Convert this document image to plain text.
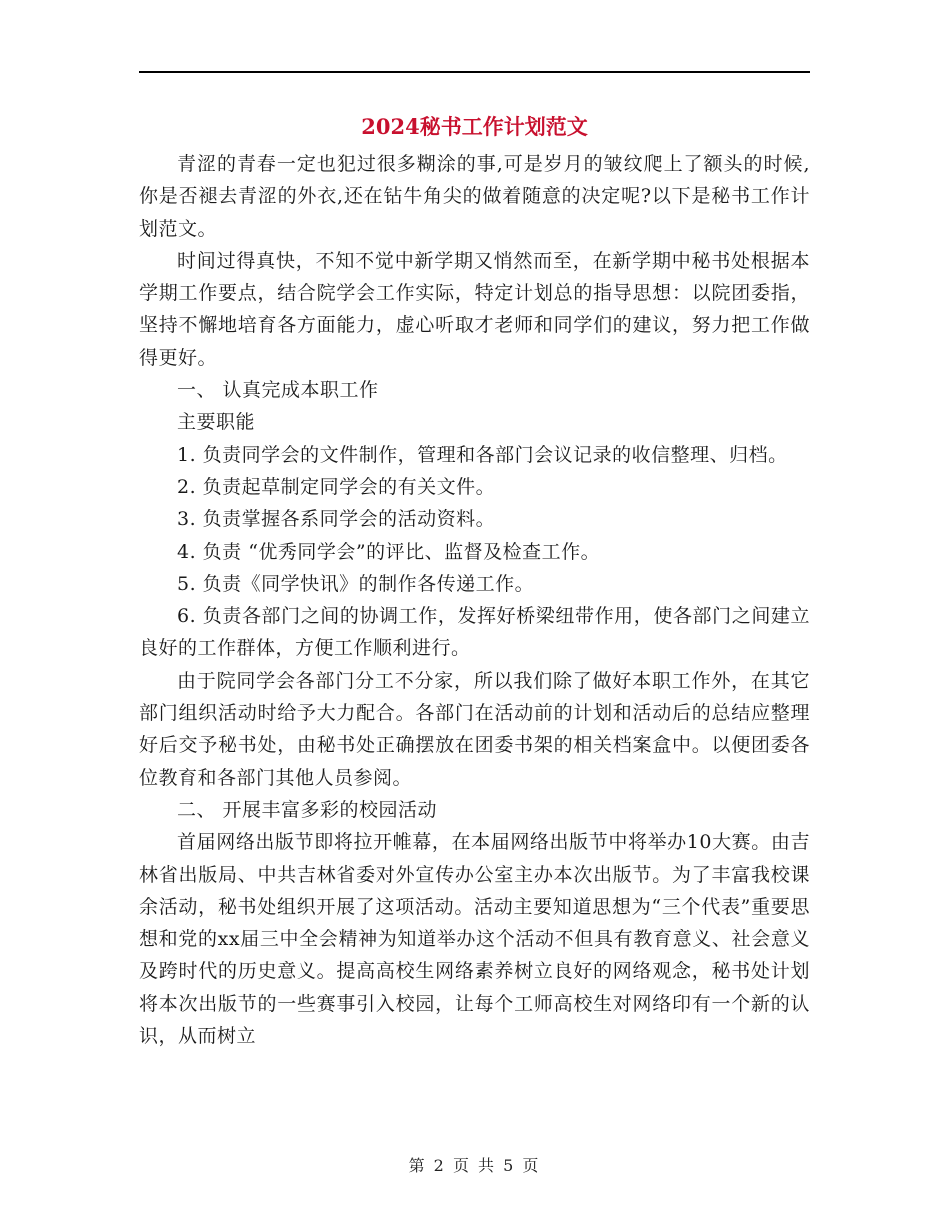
2024秘书工作计划范文

青涩的青春一定也犯过很多糊涂的事,可是岁月的皱纹爬上了额头的时候,你是否褪去青涩的外衣,还在钻牛角尖的做着随意的决定呢?以下是秘书工作计划范文。

时间过得真快，不知不觉中新学期又悄然而至，在新学期中秘书处根据本学期工作要点，结合院学会工作实际，特定计划总的指导思想：以院团委指，坚持不懈地培育各方面能力，虚心听取才老师和同学们的建议，努力把工作做得更好。

一、 认真完成本职工作

主要职能

1. 负责同学会的文件制作，管理和各部门会议记录的收信整理、归档。

2. 负责起草制定同学会的有关文件。

3. 负责掌握各系同学会的活动资料。

4. 负责 “优秀同学会”的评比、监督及检查工作。

5. 负责《同学快讯》的制作各传递工作。

6. 负责各部门之间的协调工作，发挥好桥梁纽带作用，使各部门之间建立良好的工作群体，方便工作顺利进行。

由于院同学会各部门分工不分家，所以我们除了做好本职工作外，在其它部门组织活动时给予大力配合。各部门在活动前的计划和活动后的总结应整理好后交予秘书处，由秘书处正确摆放在团委书架的相关档案盒中。以便团委各位教育和各部门其他人员参阅。

二、 开展丰富多彩的校园活动

首届网络出版节即将拉开帷幕，在本届网络出版节中将举办10大赛。由吉林省出版局、中共吉林省委对外宣传办公室主办本次出版节。为了丰富我校课余活动，秘书处组织开展了这项活动。活动主要知道思想为“三个代表”重要思想和党的xx届三中全会精神为知道举办这个活动不但具有教育意义、社会意义及跨时代的历史意义。提高高校生网络素养树立良好的网络观念，秘书处计划将本次出版节的一些赛事引入校园，让每个工师高校生对网络印有一个新的认识，从而树立

第 2 页 共 5 页
